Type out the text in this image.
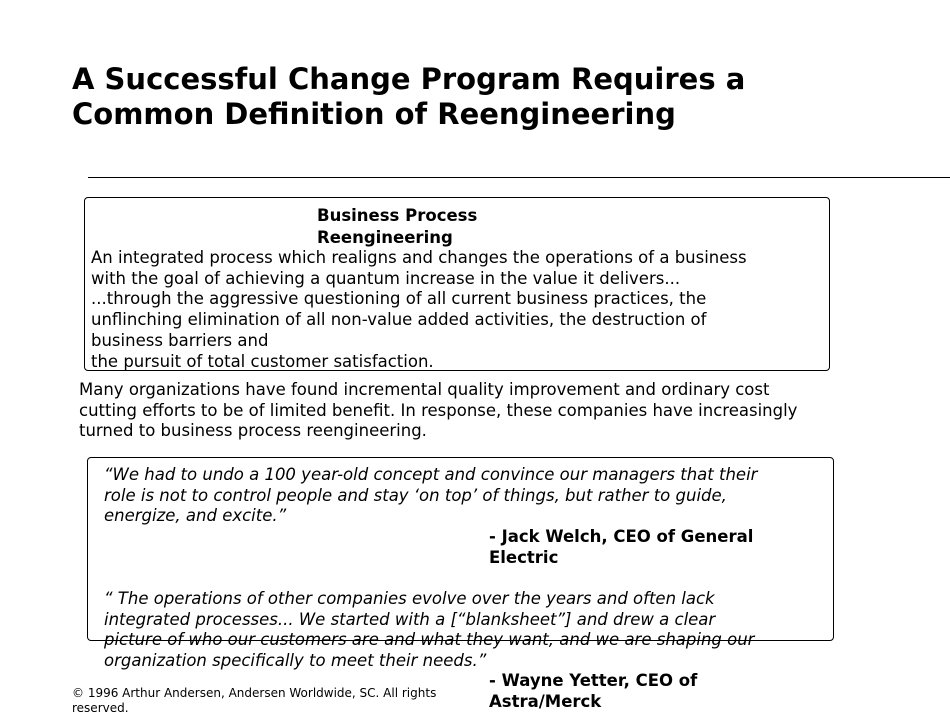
A Successful Change Program Requires a
Common Definition of Reengineering
Business Process
Reengineering
An integrated process which realigns and changes the operations of a business
with the goal of achieving a quantum increase in the value it delivers...
...through the aggressive questioning of all current business practices, the
unflinching elimination of all non-value added activities, the destruction of
business barriers and
the pursuit of total customer satisfaction.
Many organizations have found incremental quality improvement and ordinary cost
cutting efforts to be of limited benefit. In response, these companies have increasingly
turned to business process reengineering.
“We had to undo a 100 year-old concept and convince our managers that their
role is not to control people and stay ‘on top’ of things, but rather to guide,
energize, and excite.”
- Jack Welch, CEO of General
Electric
“ The operations of other companies evolve over the years and often lack
integrated processes... We started with a [“blanksheet”] and drew a clear
picture of who our customers are and what they want, and we are shaping our
organization specifically to meet their needs.”
- Wayne Yetter, CEO of
Astra/Merck
© 1996 Arthur Andersen, Andersen Worldwide, SC. All rights
reserved.
